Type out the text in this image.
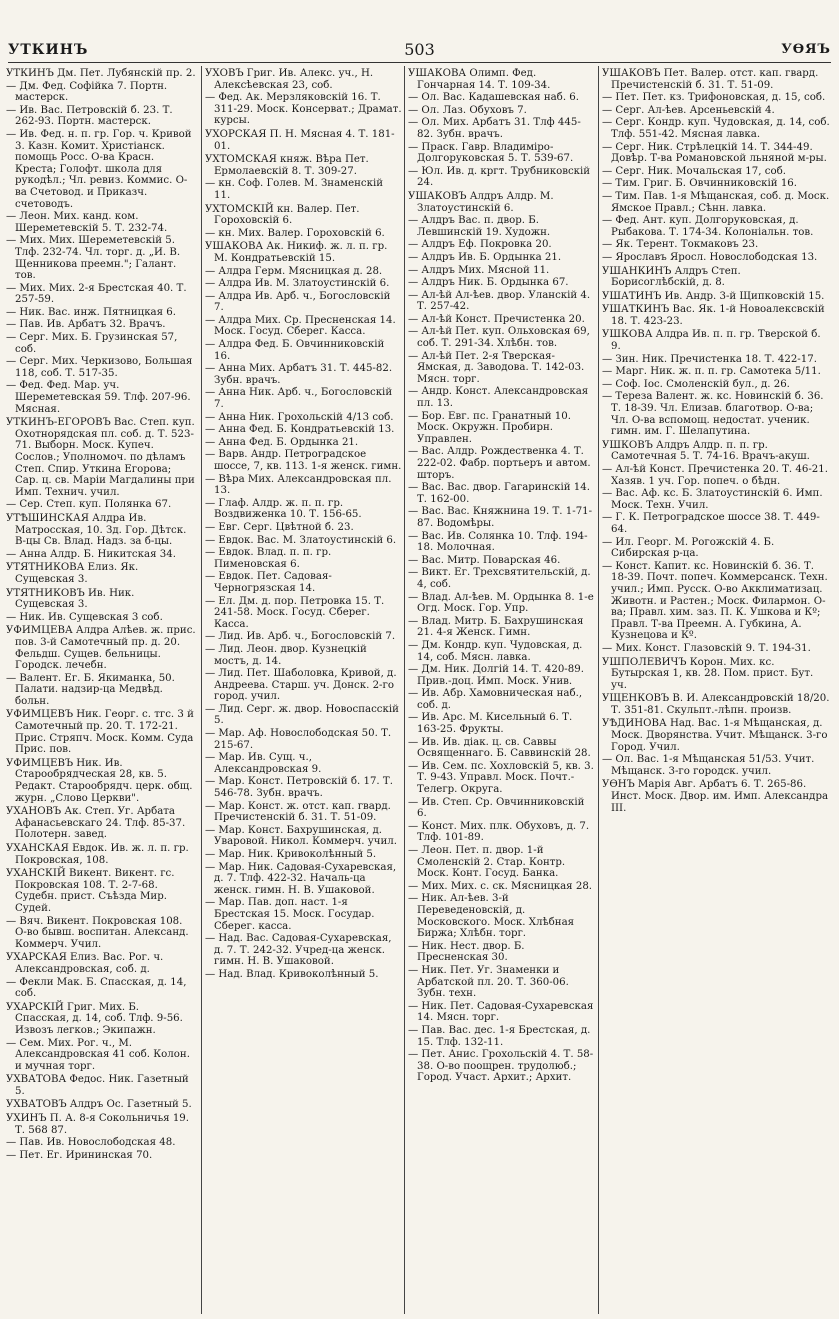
УТКИНЪ	503	УѲЯЪ
УТКИНЪ Дм. Пет. Лубянскій пр. 2.
— Дм. Фед. Софійка 7. Портн. мастерск.
— Ив. Вас. Петровскій б. 23. Т. 262-93. Портн. мастерск.
— Ив. Фед. н. п. гр. Гор. ч. Кривой 3. Казн. Комит. Христіанск. помощь Росс. О-ва Красн. Креста; Голофт. школа для рукодѣл.; Чл. ревиз. Коммис. О-ва Счетовод. и Приказч. счетоводъ.
— Леон. Мих. канд. ком. Шереметевскій 5. Т. 232-74.
— Мих. Мих. Шереметевскій 5. Тлф. 232-74. Чл. торг. д. „И. В. Щенникова преемн."; Галант. тов.
— Мих. Мих. 2-я Брестская 40. Т. 257-59.
— Ник. Вас. инж. Пятницкая 6.
— Пав. Ив. Арбатъ 32. Врачъ.
— Серг. Мих. Б. Грузинская 57, соб.
— Серг. Мих. Черкизово, Большая 118, соб. Т. 517-35.
— Фед. Фед. Мар. уч. Шереметевская 59. Тлф. 207-96. Мясная.
УТКИНЪ-ЕГОРОВЪ Вас. Степ. куп. Охотнорядская пл. соб. д. Т. 523-71. Выборн. Моск. Купеч. Сослов.; Уполномоч. по дѣламъ Степ. Спир. Уткина Егорова; Сар. ц. св. Маріи Магдалины при Имп. Технич. учил.
— Сер. Степ. куп. Полянка 67.
УТѢШИНСКАЯ Алдра Ив. Матросская, 10. Зд. Гор. Дѣтск. В-цы Св. Влад. Надз. за б-цы.
— Анна Алдр. Б. Никитская 34.
УТЯТНИКОВА Елиз. Як. Сущевская 3.
УТЯТНИКОВЪ Ив. Ник. Сущевская 3.
— Ник. Ив. Сущевская 3 соб.
УФИМЦЕВА Алдра Алѣев. ж. прис. пов. 3-й Самотечный пр. д. 20. Фельдш. Сущев. бельницы. Городск. лечебн.
— Валент. Ег. Б. Якиманка, 50. Палати. надзир-ца Медвѣд. больн.
УФИМЦЕВЪ Ник. Георг. с. тгс. 3 й Самотечный пр. 20. Т. 172-21. Прис. Стряпч. Моск. Комм. Суда Прис. пов.
УФИМЦЕВЪ Ник. Ив. Старообрядческая 28, кв. 5. Редакт. Старообрядч. церк. общ. журн. „Слово Церкви".
УХАНОВЪ Ак. Степ. Уг. Арбата Афанасьевскаго 24. Тлф. 85-37. Полотерн. завед.
УХАНСКАЯ Евдок. Ив. ж. л. п. гр. Покровская, 108.
УХАНСКІЙ Викент. Викент. гс. Покровская 108. Т. 2-7-68. Судебн. прист. Съѣзда Мир. Судей.
— Вяч. Викент. Покровская 108. О-во бывш. воспитан. Александ. Коммерч. Учил.
УХАРСКАЯ Елиз. Вас. Рог. ч. Александровская, соб. д.
— Фекли Мак. Б. Спасская, д. 14, соб.
УХАРСКІЙ Григ. Мих. Б. Спасская, д. 14, соб. Тлф. 9-56. Извозъ легков.; Экипажн.
— Сем. Мих. Рог. ч., М. Александровская 41 соб. Колон. и мучная торг.
УХВАТОВА Федос. Ник. Газетный 5.
УХВАТОВЪ Алдръ Ос. Газетный 5.
УХИНЪ П. А. 8-я Сокольничья 19. Т. 568 87.
— Пав. Ив. Новослободская 48.
— Пет. Ег. Ирининская 70.
УХОВЪ Григ. Ив. Алекс. уч., Н. Алексѣевская 23, соб.
— Фед. Ак. Мерзляковскій 16. Т. 311-29. Моск. Консерват.; Драмат. курсы.
УХОРСКАЯ П. Н. Мясная 4. Т. 181-01.
УХТОМСКАЯ княж. Вѣра Пет. Ермолаевскій 8. Т. 309-27.
— кн. Соф. Голев. М. Знаменскій 11.
УХТОМСКІЙ кн. Валер. Пет. Гороховскій 6.
— кн. Мих. Валер. Гороховскій 6.
УШАКОВА Ак. Никиф. ж. л. п. гр. М. Кондратьевскій 15.
— Алдра Герм. Мясницкая д. 28.
— Алдра Ив. М. Златоустинскій 6.
— Алдра Ив. Арб. ч., Богословскій 7.
— Алдра Мих. Ср. Пресненская 14. Моск. Госуд. Сберег. Касса.
— Алдра Фед. Б. Овчинниковскій 16.
— Анна Мих. Арбатъ 31. Т. 445-82. Зубн. врачъ.
— Анна Ник. Арб. ч., Богословскій 7.
— Анна Ник. Грохольскій 4/13 соб.
— Анна Фед. Б. Кондратьевскій 13.
— Анна Фед. Б. Ордынка 21.
— Варв. Андр. Петроградское шоссе, 7, кв. 113. 1-я женск. гимн.
— Вѣра Мих. Александровская пл. 13.
— Глаф. Алдр. ж. п. п. гр. Воздвиженка 10. Т. 156-65.
— Евг. Серг. Цвѣтной б. 23.
— Евдок. Вас. М. Златоустинскій 6.
— Евдок. Влад. п. п. гр. Пименовская 6.
— Евдок. Пет. Садовая-Черногрязская 14.
— Ел. Дм. д. пор. Петровка 15. Т. 241-58. Моск. Госуд. Сберег. Касса.
— Лид. Ив. Арб. ч., Богословскій 7.
— Лид. Леон. двор. Кузнецкій мостъ, д. 14.
— Лид. Пет. Шаболовка, Кривой, д. Андреева. Старш. уч. Донск. 2-го город. учил.
— Лид. Серг. ж. двор. Новоспасскій 5.
— Мар. Аф. Новослободская 50. Т. 215-67.
— Мар. Ив. Сущ. ч., Александровская 9.
— Мар. Конст. Петровскій б. 17. Т. 546-78. Зубн. врачъ.
— Мар. Конст. ж. отст. кап. гвард. Пречистенскій б. 31. Т. 51-09.
— Мар. Конст. Бахрушинская, д. Уваровой. Никол. Коммерч. учил.
— Мар. Ник. Кривоколѣнный 5.
— Мар. Ник. Садовая-Сухаревская, д. 7. Тлф. 422-32. Началь-ца женск. гимн. Н. В. Ушаковой.
— Мар. Пав. доп. наст. 1-я Брестская 15. Моск. Государ. Сберег. касса.
— Над. Вас. Садовая-Сухаревская, д. 7. Т. 242-32. Учред-ца женск. гимн. Н. В. Ушаковой.
— Над. Влад. Кривоколѣнный 5.
УШАКОВА Олимп. Фед. Гончарная 14. Т. 109-34.
— Ол. Вас. Кадашевская наб. 6.
— Ол. Лаз. Обуховъ 7.
— Ол. Мих. Арбатъ 31. Тлф 445-82. Зубн. врачъ.
— Праск. Гавр. Владиміро-Долгоруковская 5. Т. 539-67.
— Юл. Ив. д. кргт. Трубниковскій 24.
УШАКОВЪ Алдръ Алдр. М. Златоустинскій 6.
— Алдръ Вас. п. двор. Б. Левшинскій 19. Художн.
— Алдръ Еф. Покровка 20.
— Алдръ Ив. Б. Ордынка 21.
— Алдръ Мих. Мясной 11.
— Алдръ Ник. Б. Ордынка 67.
— Ал-ѣй Ал-ѣев. двор. Уланскій 4. Т. 257-42.
— Ал-ѣй Конст. Пречистенка 20.
— Ал-ѣй Пет. куп. Ольховская 69, соб. Т. 291-34. Хлѣбн. тов.
— Ал-ѣй Пет. 2-я Тверская-Ямская, д. Заводова. Т. 142-03. Мясн. торг.
— Андр. Конст. Александровская пл. 13.
— Бор. Евг. пс. Гранатный 10. Моск. Окружн. Пробирн. Управлен.
— Вас. Алдр. Рождественка 4. Т. 222-02. Фабр. портьеръ и автом. шторъ.
— Вас. Вас. двор. Гагаринскій 14. Т. 162-00.
— Вас. Вас. Княжнина 19. Т. 1-71-87. Водомѣры.
— Вас. Ив. Солянка 10. Тлф. 194-18. Молочная.
— Вас. Митр. Поварская 46.
— Викт. Ег. Трехсвятительскій, д. 4, соб.
— Влад. Ал-ѣев. М. Ордынка 8. 1-е Огд. Моск. Гор. Упр.
— Влад. Митр. Б. Бахрушинская 21. 4-я Женск. Гимн.
— Дм. Кондр. куп. Чудовская, д. 14, соб. Мясн. лавка.
— Дм. Ник. Долгій 14. Т. 420-89. Прив.-доц. Имп. Моск. Унив.
— Ив. Абр. Хамовническая наб., соб. д.
— Ив. Арс. М. Кисельный 6. Т. 163-25. Фрукты.
— Ив. Ив. діак. ц. св. Саввы Освященнаго. Б. Саввинскій 28.
— Ив. Сем. пс. Хохловскій 5, кв. 3. Т. 9-43. Управл. Моск. Почт.-Телегр. Округа.
— Ив. Степ. Ср. Овчинниковскій 6.
— Конст. Мих. плк. Обуховъ, д. 7. Тлф. 101-89.
— Леон. Пет. п. двор. 1-й Смоленскій 2. Стар. Контр. Моск. Конт. Госуд. Банка.
— Мих. Мих. с. ск. Мясницкая 28.
— Ник. Ал-ѣев. 3-й Переведеновскій, д. Московского. Моск. Хлѣбная Биржа; Хлѣбн. торг.
— Ник. Нест. двор. Б. Пресненская 30.
— Ник. Пет. Уг. Знаменки и Арбатской пл. 20. Т. 360-06. Зубн. техн.
— Ник. Пет. Садовая-Сухаревская 14. Мясн. торг.
— Пав. Вас. дес. 1-я Брестская, д. 15. Тлф. 132-11.
— Пет. Анис. Грохольскій 4. Т. 58-38. О-во поощрен. трудолюб.; Город. Участ. Архит.; Архит.
УШАКОВЪ Пет. Валер. отст. кап. гвард. Пречистенскій б. 31. Т. 51-09.
— Пет. Пет. кз. Трифоновская, д. 15, соб.
— Серг. Ал-ѣев. Арсеньевскій 4.
— Серг. Кондр. куп. Чудовская, д. 14, соб. Тлф. 551-42. Мясная лавка.
— Серг. Ник. Стрѣлецкій 14. Т. 344-49. Довѣр. Т-ва Романовской льняной м-ры.
— Серг. Ник. Мочальская 17, соб.
— Тим. Григ. Б. Овчинниковскій 16.
— Тим. Пав. 1-я Мѣщанская, соб. д. Моск. Ямское Правл.; Сѣнн. лавка.
— Фед. Ант. куп. Долгоруковская, д. Рыбакова. Т. 174-34. Колоніальн. тов.
— Як. Терент. Токмаковъ 23.
— Ярославъ Яросл. Новослободская 13.
УШАНКИНЪ Алдръ Степ. Борисоглѣбскій, д. 8.
УШАТИНЪ Ив. Андр. 3-й Щипковскій 15.
УШАТКИНЪ Вас. Як. 1-й Новоалексвскій 18. Т. 423-23.
УШКОВА Алдра Ив. п. п. гр. Тверской б. 9.
— Зин. Ник. Пречистенка 18. Т. 422-17.
— Марг. Ник. ж. п. п. гр. Самотека 5/11.
— Соф. Іос. Смоленскій бул., д. 26.
— Тереза Валент. ж. кс. Новинскій б. 36. Т. 18-39. Чл. Елизав. благотвор. О-ва; Чл. О-ва вспомощ. недостат. ученик. гимн. им. Г. Шелапутина.
УШКОВЪ Алдръ Алдр. п. п. гр. Самотечная 5. Т. 74-16. Врачъ-акуш.
— Ал-ѣй Конст. Пречистенка 20. Т. 46-21. Хазяв. 1 уч. Гор. попеч. о бѣдн.
— Вас. Аф. кс. Б. Златоустинскій 6. Имп. Моск. Техн. Учил.
— Г. К. Петроградское шоссе 38. Т. 449-64.
— Ил. Георг. М. Рогожскій 4. Б. Сибирская р-ца.
— Конст. Капит. кс. Новинскій б. 36. Т. 18-39. Почт. попеч. Коммерсанск. Техн. учил.; Имп. Русск. О-во Акклиматизац. Животн. и Растен.; Моск. Филармон. О-ва; Правл. хим. заз. П. К. Ушкова и Кº; Правл. Т-ва Преемн. А. Губкина, А. Кузнецова и Кº.
— Мих. Конст. Глазовскій 9. Т. 194-31.
УШПОЛЕВИЧЪ Корон. Мих. кс. Бутырская 1, кв. 28. Пом. прист. Бут. уч.
УЩЕНКОВЪ В. И. Александровскій 18/20. Т. 351-81. Скульпт.-лѣпн. произв.
УѢДИНОВА Над. Вас. 1-я Мѣщанская, д. Моск. Дворянства. Учит. Мѣщанск. 3-го Город. Учил.
— Ол. Вас. 1-я Мѣщанская 51/53. Учит. Мѣщанск. 3-го городск. учил.
УѲНЪ Марія Авг. Арбатъ 6. Т. 265-86. Инст. Моск. Двор. им. Имп. Александра III.
